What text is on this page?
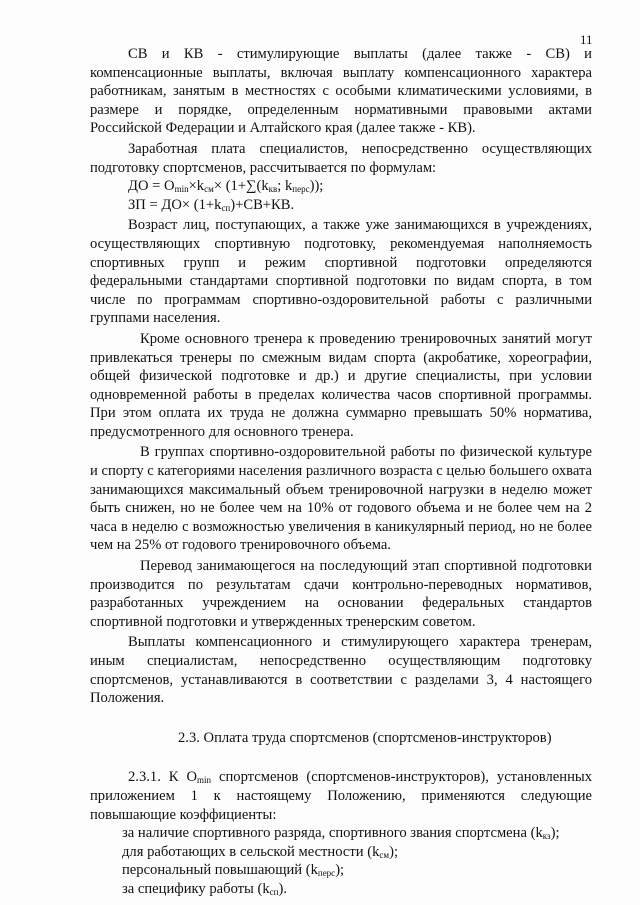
11

СВ и КВ - стимулирующие выплаты (далее также - СВ) и компенсационные выплаты, включая выплату компенсационного характера работникам, занятым в местностях с особыми климатическими условиями, в размере и порядке, определенным нормативными правовыми актами Российской Федерации и Алтайского края (далее также - КВ).

Заработная плата специалистов, непосредственно осуществляющих подготовку спортсменов, рассчитывается по формулам:

ДО = $О_{min}\times k_{см}\times (1+\sum(k_{кв}$; $k_{перс}$));

ЗП = $ДО\times (1+k_{сп})+СВ+КВ$.

Возраст лиц, поступающих, а также уже занимающихся в учреждениях, осуществляющих спортивную подготовку, рекомендуемая наполняемость спортивных групп и режим спортивной подготовки определяются федеральными стандартами спортивной подготовки по видам спорта, в том числе по программам спортивно-оздоровительной работы с различными группами населения.

Кроме основного тренера к проведению тренировочных занятий могут привлекаться тренеры по смежным видам спорта (акробатике, хореографии, общей физической подготовке и др.) и другие специалисты, при условии одновременной работы в пределах количества часов спортивной программы. При этом оплата их труда не должна суммарно превышать 50% норматива, предусмотренного для основного тренера.

В группах спортивно-оздоровительной работы по физической культуре и спорту с категориями населения различного возраста с целью большего охвата занимающихся максимальный объем тренировочной нагрузки в неделю может быть снижен, но не более чем на 10% от годового объема и не более чем на 2 часа в неделю с возможностью увеличения в каникулярный период, но не более чем на 25% от годового тренировочного объема.

Перевод занимающегося на последующий этап спортивной подготовки производится по результатам сдачи контрольно-переводных нормативов, разработанных учреждением на основании федеральных стандартов спортивной подготовки и утвержденных тренерским советом.

Выплаты компенсационного и стимулирующего характера тренерам, иным специалистам, непосредственно осуществляющим подготовку спортсменов, устанавливаются в соответствии с разделами 3, 4 настоящего Положения.

2.3. Оплата труда спортсменов (спортсменов-инструкторов)

2.3.1. К $О_{min}$ спортсменов (спортсменов-инструкторов), установленных приложением 1 к настоящему Положению, применяются следующие повышающие коэффициенты:

за наличие спортивного разряда, спортивного звания спортсмена $(k_{кз})$;

для работающих в сельской местности $(k_{см})$;

персональный повышающий $(k_{перс})$;

за специфику работы $(k_{сп})$.
